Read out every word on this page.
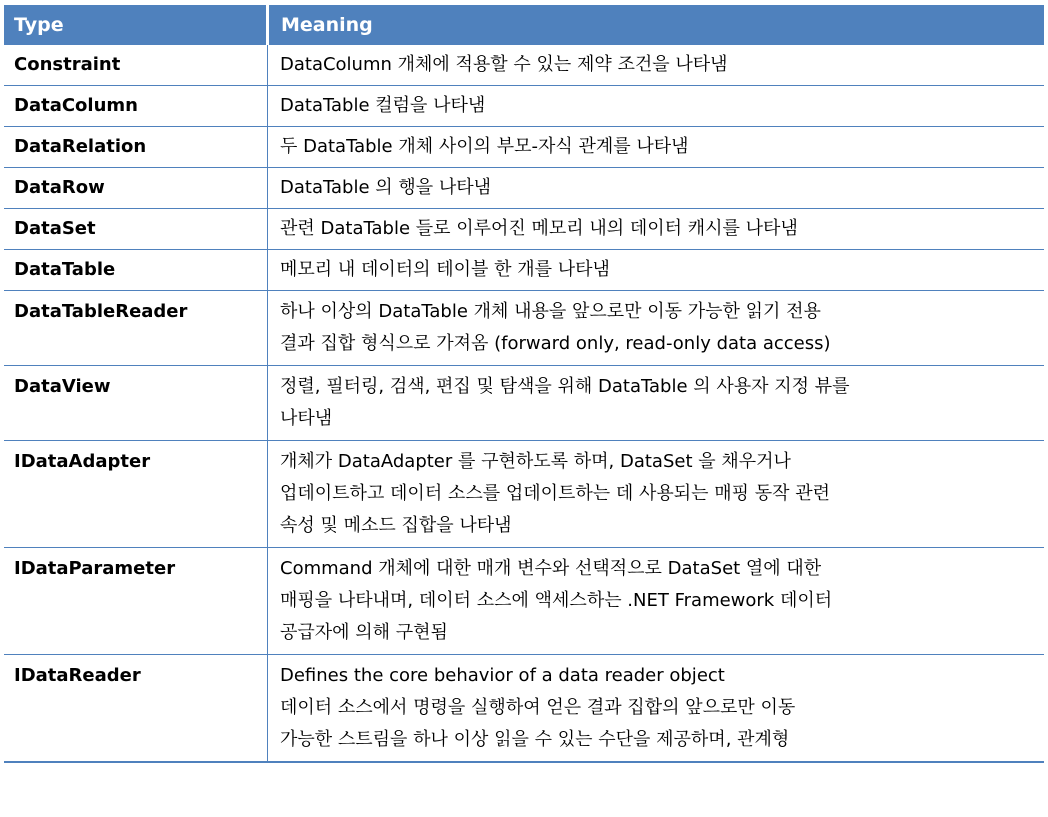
Type	Meaning
Constraint	DataColumn 개체에 적용할 수 있는 제약 조건을 나타냄

DataColumn	DataTable 컬럼을 나타냄

DataRelation	두 DataTable 개체 사이의 부모-자식 관계를 나타냄

DataRow	DataTable 의 행을 나타냄

DataSet	관련 DataTable 들로 이루어진 메모리 내의 데이터 캐시를 나타냄

DataTable	메모리 내 데이터의 테이블 한 개를 나타냄

DataTableReader	하나 이상의 DataTable 개체 내용을 앞으로만 이동 가능한 읽기 전용
결과 집합 형식으로 가져옴 (forward only, read-only data access)

DataView	정렬, 필터링, 검색, 편집 및 탐색을 위해 DataTable 의 사용자 지정 뷰를
나타냄

IDataAdapter	개체가 DataAdapter 를 구현하도록 하며, DataSet 을 채우거나
업데이트하고 데이터 소스를 업데이트하는 데 사용되는 매핑 동작 관련
속성 및 메소드 집합을 나타냄

IDataParameter	Command 개체에 대한 매개 변수와 선택적으로 DataSet 열에 대한
매핑을 나타내며, 데이터 소스에 액세스하는 .NET Framework 데이터
공급자에 의해 구현됨

IDataReader	Defines the core behavior of a data reader object
데이터 소스에서 명령을 실행하여 얻은 결과 집합의 앞으로만 이동
가능한 스트림을 하나 이상 읽을 수 있는 수단을 제공하며, 관계형
